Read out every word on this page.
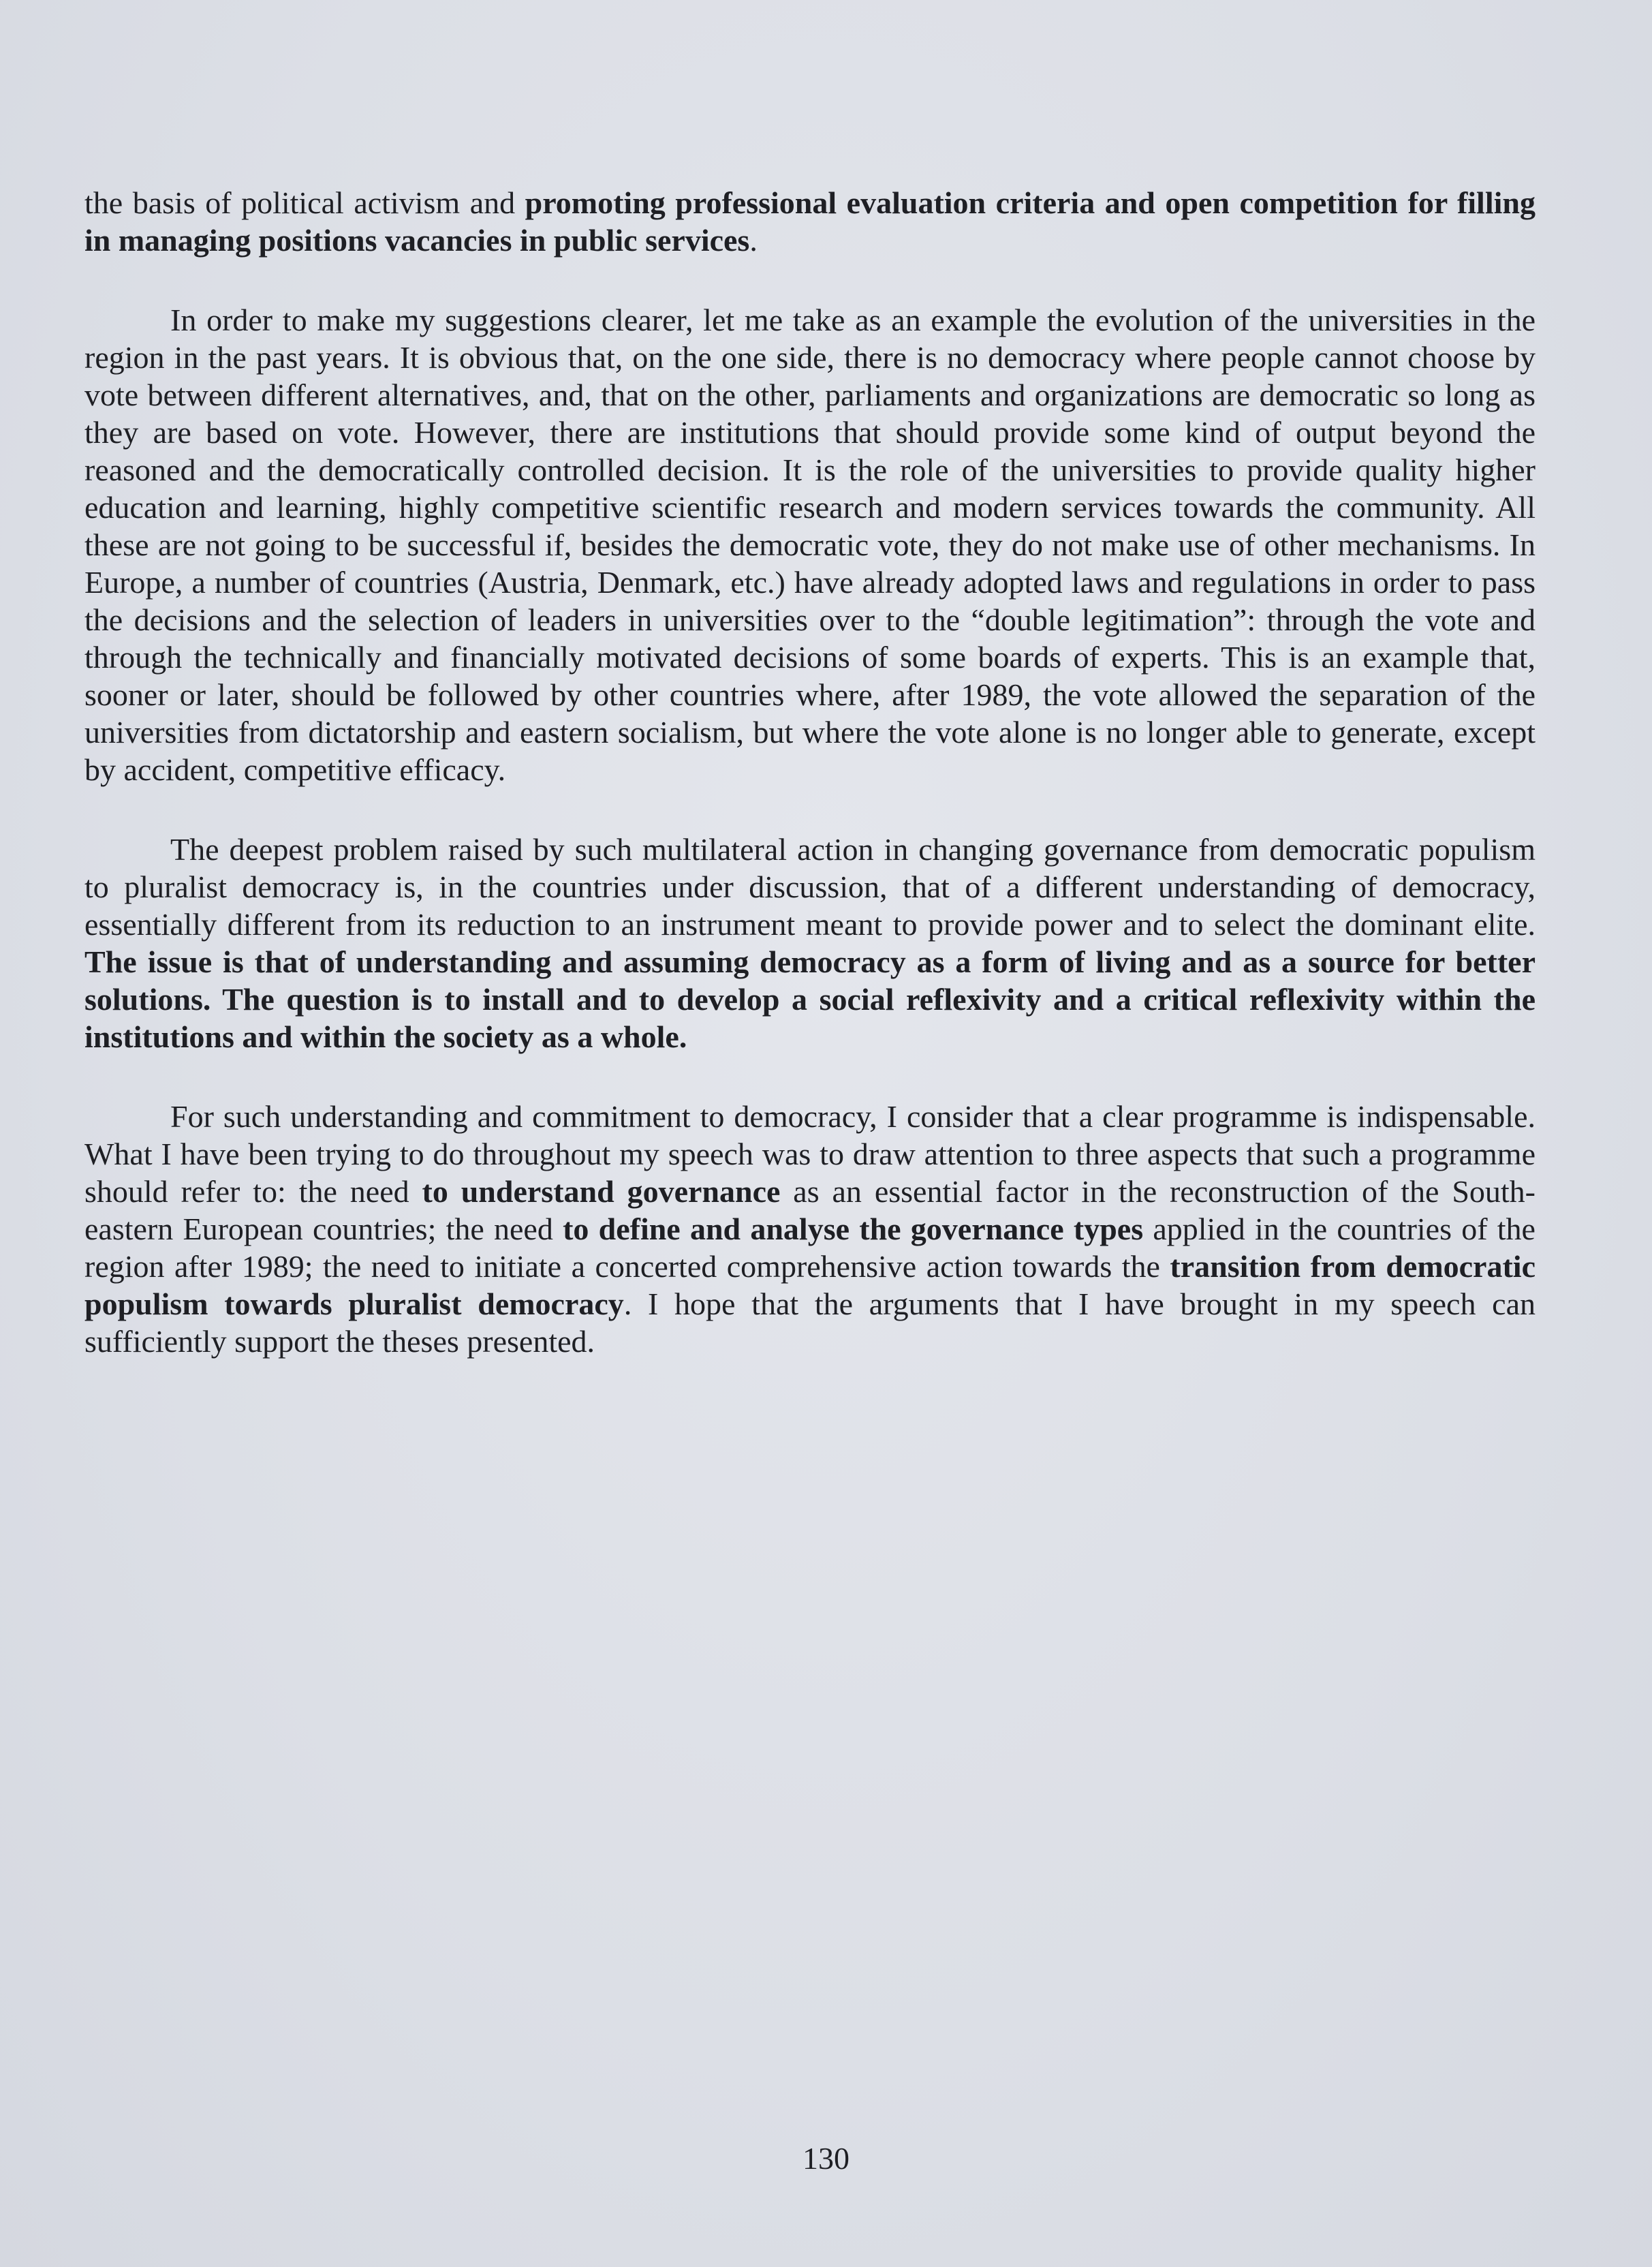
the basis of political activism and promoting professional evaluation criteria and open competition for filling in managing positions vacancies in public services.

In order to make my suggestions clearer, let me take as an example the evolution of the universities in the region in the past years. It is obvious that, on the one side, there is no democracy where people cannot choose by vote between different alternatives, and, that on the other, parliaments and organizations are democratic so long as they are based on vote. However, there are institutions that should provide some kind of output beyond the reasoned and the democratically controlled decision. It is the role of the universities to provide quality higher education and learning, highly competitive scientific research and modern services towards the community. All these are not going to be successful if, besides the democratic vote, they do not make use of other mechanisms. In Europe, a number of countries (Austria, Denmark, etc.) have already adopted laws and regulations in order to pass the decisions and the selection of leaders in universities over to the “double legitimation”: through the vote and through the technically and financially motivated decisions of some boards of experts. This is an example that, sooner or later, should be followed by other countries where, after 1989, the vote allowed the separation of the universities from dictatorship and eastern socialism, but where the vote alone is no longer able to generate, except by accident, competitive efficacy.

The deepest problem raised by such multilateral action in changing governance from democratic populism to pluralist democracy is, in the countries under discussion, that of a different understanding of democracy, essentially different from its reduction to an instrument meant to provide power and to select the dominant elite. The issue is that of understanding and assuming democracy as a form of living and as a source for better solutions. The question is to install and to develop a social reflexivity and a critical reflexivity within the institutions and within the society as a whole.

For such understanding and commitment to democracy, I consider that a clear programme is indispensable. What I have been trying to do throughout my speech was to draw attention to three aspects that such a programme should refer to: the need to understand governance as an essential factor in the reconstruction of the South-eastern European countries; the need to define and analyse the governance types applied in the countries of the region after 1989; the need to initiate a concerted comprehensive action towards the transition from democratic populism towards pluralist democracy. I hope that the arguments that I have brought in my speech can sufficiently support the theses presented.

130
